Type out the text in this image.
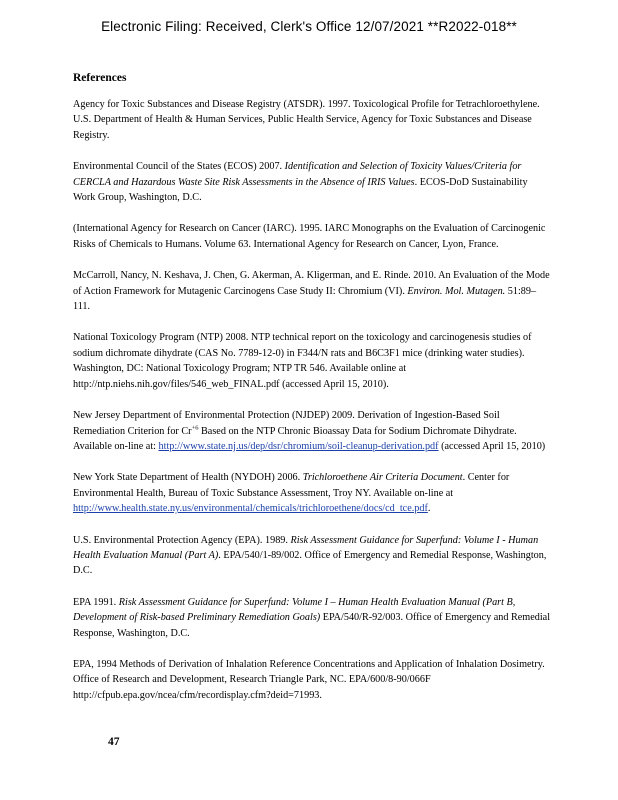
Electronic Filing: Received, Clerk's Office 12/07/2021 **R2022-018**
References

Agency for Toxic Substances and Disease Registry (ATSDR). 1997. Toxicological Profile for Tetrachloroethylene. U.S. Department of Health & Human Services, Public Health Service, Agency for Toxic Substances and Disease Registry.

Environmental Council of the States (ECOS) 2007. Identification and Selection of Toxicity Values/Criteria for CERCLA and Hazardous Waste Site Risk Assessments in the Absence of IRIS Values. ECOS-DoD Sustainability Work Group, Washington, D.C.

(International Agency for Research on Cancer (IARC). 1995. IARC Monographs on the Evaluation of Carcinogenic Risks of Chemicals to Humans. Volume 63. International Agency for Research on Cancer, Lyon, France.

McCarroll, Nancy, N. Keshava, J. Chen, G. Akerman, A. Kligerman, and E. Rinde. 2010. An Evaluation of the Mode of Action Framework for Mutagenic Carcinogens Case Study II: Chromium (VI). Environ. Mol. Mutagen. 51:89–111.

National Toxicology Program (NTP) 2008. NTP technical report on the toxicology and carcinogenesis studies of sodium dichromate dihydrate (CAS No. 7789-12-0) in F344/N rats and B6C3F1 mice (drinking water studies). Washington, DC: National Toxicology Program; NTP TR 546. Available online at http://ntp.niehs.nih.gov/files/546_web_FINAL.pdf (accessed April 15, 2010).

New Jersey Department of Environmental Protection (NJDEP) 2009. Derivation of Ingestion-Based Soil Remediation Criterion for $Cr^{+6}$ Based on the NTP Chronic Bioassay Data for Sodium Dichromate Dihydrate. Available on-line at: http://www.state.nj.us/dep/dsr/chromium/soil-cleanup-derivation.pdf (accessed April 15, 2010)

New York State Department of Health (NYDOH) 2006. Trichloroethene Air Criteria Document. Center for Environmental Health, Bureau of Toxic Substance Assessment, Troy NY. Available on-line at http://www.health.state.ny.us/environmental/chemicals/trichloroethene/docs/cd_tce.pdf.

U.S. Environmental Protection Agency (EPA). 1989. Risk Assessment Guidance for Superfund: Volume I - Human Health Evaluation Manual (Part A). EPA/540/1-89/002. Office of Emergency and Remedial Response, Washington, D.C.

EPA 1991. Risk Assessment Guidance for Superfund: Volume I – Human Health Evaluation Manual (Part B, Development of Risk-based Preliminary Remediation Goals) EPA/540/R-92/003. Office of Emergency and Remedial Response, Washington, D.C.

EPA, 1994 Methods of Derivation of Inhalation Reference Concentrations and Application of Inhalation Dosimetry. Office of Research and Development, Research Triangle Park, NC. EPA/600/8-90/066F http://cfpub.epa.gov/ncea/cfm/recordisplay.cfm?deid=71993.

47
